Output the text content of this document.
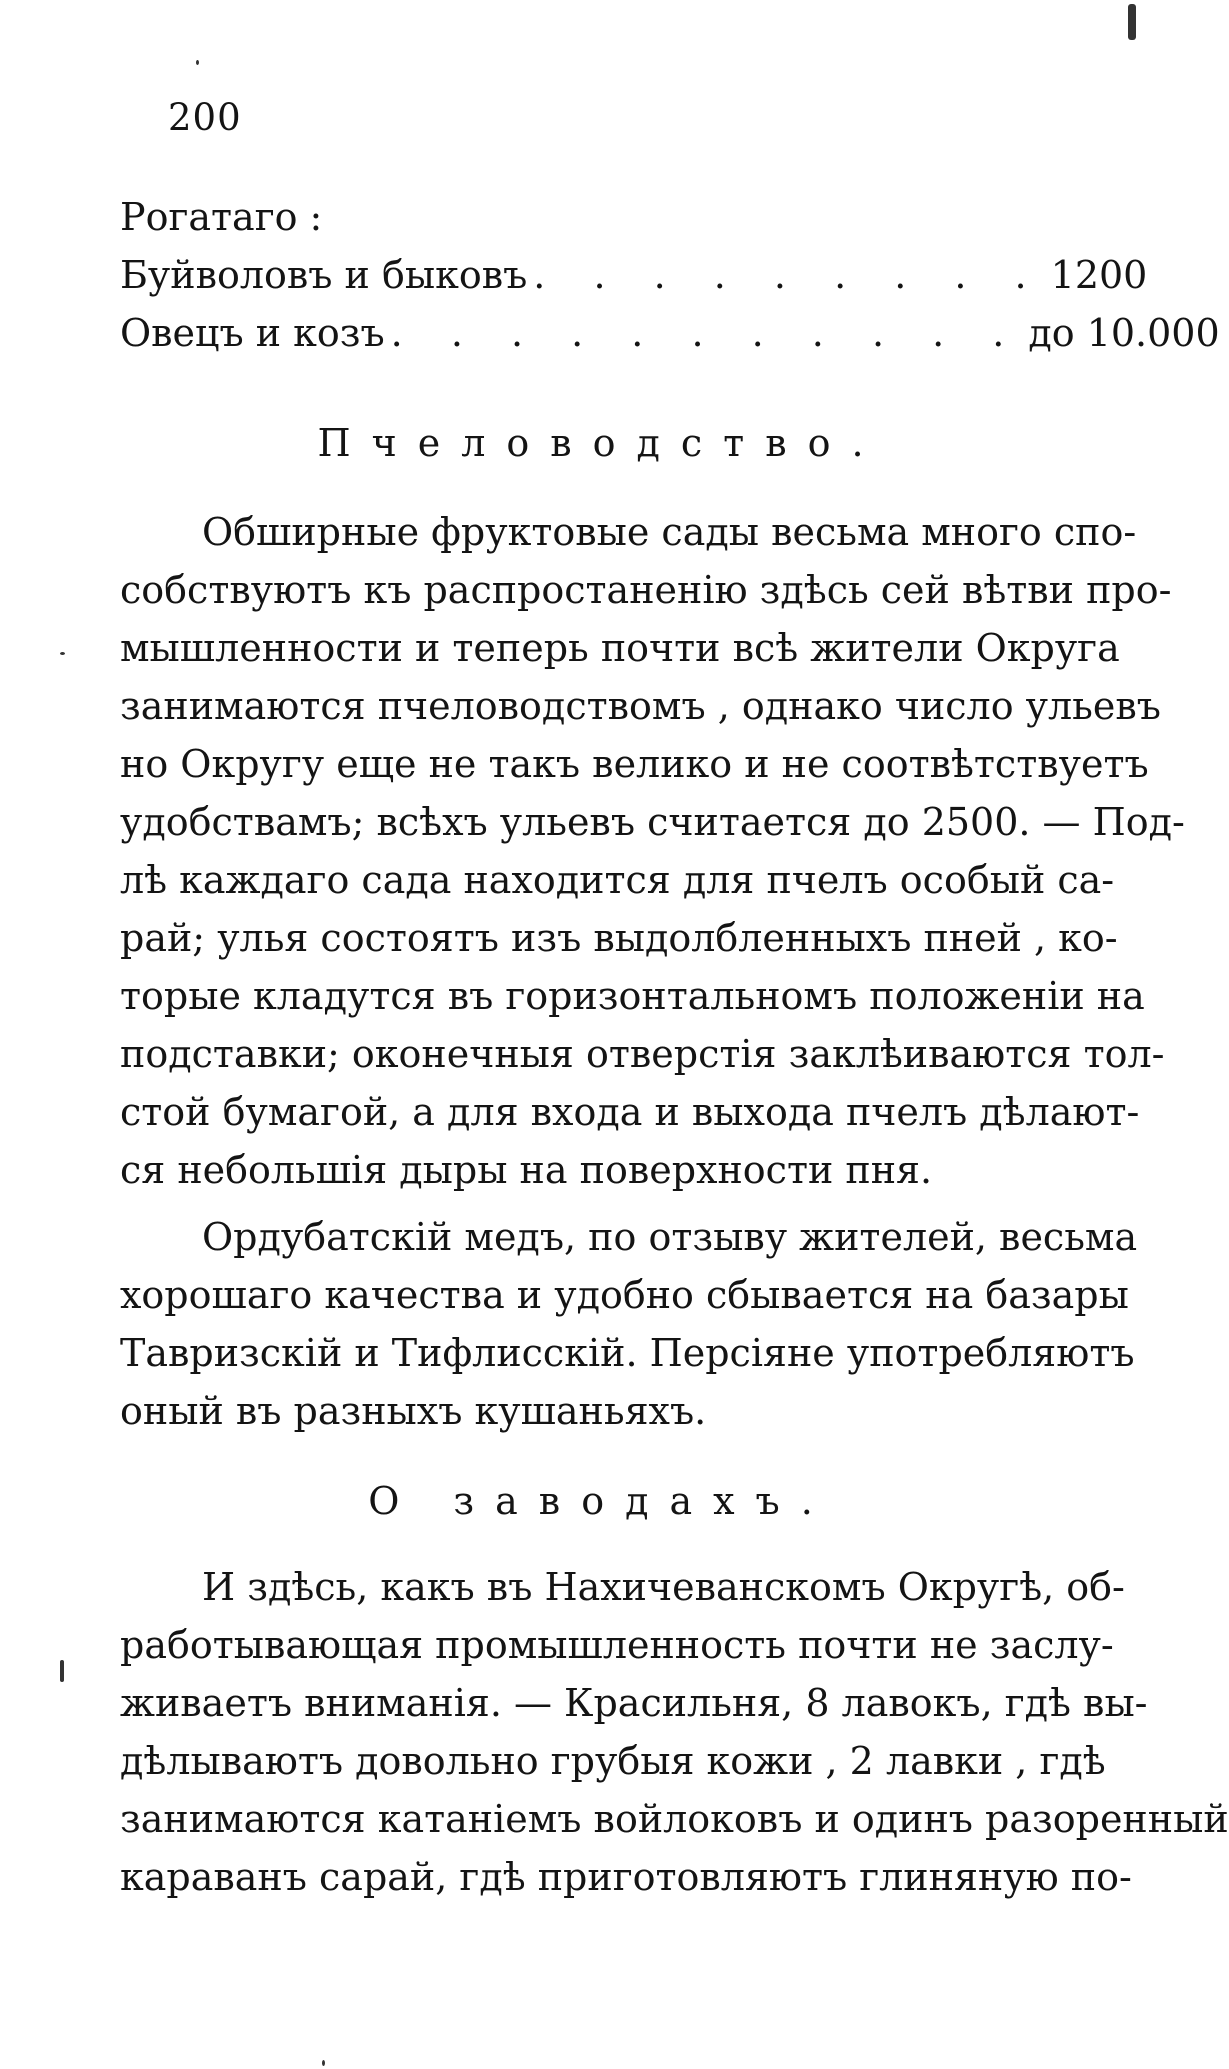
200
Рогатаго :
Буйволовъ и быковъ . . . . . . . . . 1200
Овецъ и козъ . . . . . . . . . . . до 10.000
Пчеловодство.
Обширные фруктовые сады весьма много спо-
собствуютъ къ распростаненію здѣсь сей вѣтви про-
мышленности и теперь почти всѣ жители Округа
занимаются пчеловодствомъ , однако число ульевъ
но Округу еще не такъ велико и не соотвѣтствуетъ
удобствамъ; всѣхъ ульевъ считается до 2500. — Под-
лѣ каждаго сада находится для пчелъ особый са-
рай; улья состоятъ изъ выдолбленныхъ пней , ко-
торые кладутся въ горизонтальномъ положеніи на
подставки; оконечныя отверстія заклѣиваются тол-
стой бумагой, а для входа и выхода пчелъ дѣлают-
ся небольшія дыры на поверхности пня.
Ордубатскій медъ, по отзыву жителей, весьма
хорошаго качества и удобно сбывается на базары
Тавризскій и Тифлисскій. Персіяне употребляютъ
оный въ разныхъ кушаньяхъ.
О заводахъ.
И здѣсь, какъ въ Нахичеванскомъ Округѣ, об-
работывающая промышленность почти не заслу-
живаетъ вниманія. — Красильня, 8 лавокъ, гдѣ вы-
дѣлываютъ довольно грубыя кожи , 2 лавки , гдѣ
занимаются катаніемъ войлоковъ и одинъ разоренный
караванъ сарай, гдѣ приготовляютъ глиняную по-
